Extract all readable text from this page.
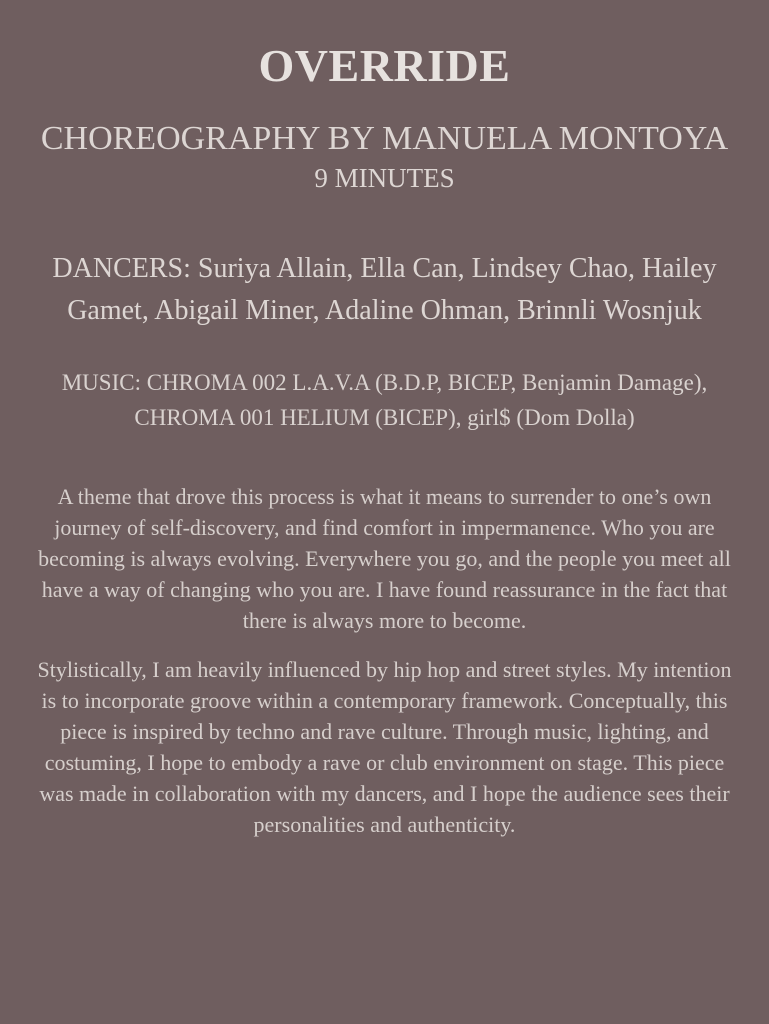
OVERRIDE
CHOREOGRAPHY BY MANUELA MONTOYA
9 MINUTES

DANCERS: Suriya Allain, Ella Can, Lindsey Chao, Hailey Gamet, Abigail Miner, Adaline Ohman, Brinnli Wosnjuk

MUSIC: CHROMA 002 L.A.V.A (B.D.P, BICEP, Benjamin Damage), CHROMA 001 HELIUM (BICEP), girl$ (Dom Dolla)

A theme that drove this process is what it means to surrender to one’s own journey of self-discovery, and find comfort in impermanence. Who you are becoming is always evolving. Everywhere you go, and the people you meet all have a way of changing who you are. I have found reassurance in the fact that there is always more to become.

Stylistically, I am heavily influenced by hip hop and street styles. My intention is to incorporate groove within a contemporary framework. Conceptually, this piece is inspired by techno and rave culture. Through music, lighting, and costuming, I hope to embody a rave or club environment on stage. This piece was made in collaboration with my dancers, and I hope the audience sees their personalities and authenticity.
